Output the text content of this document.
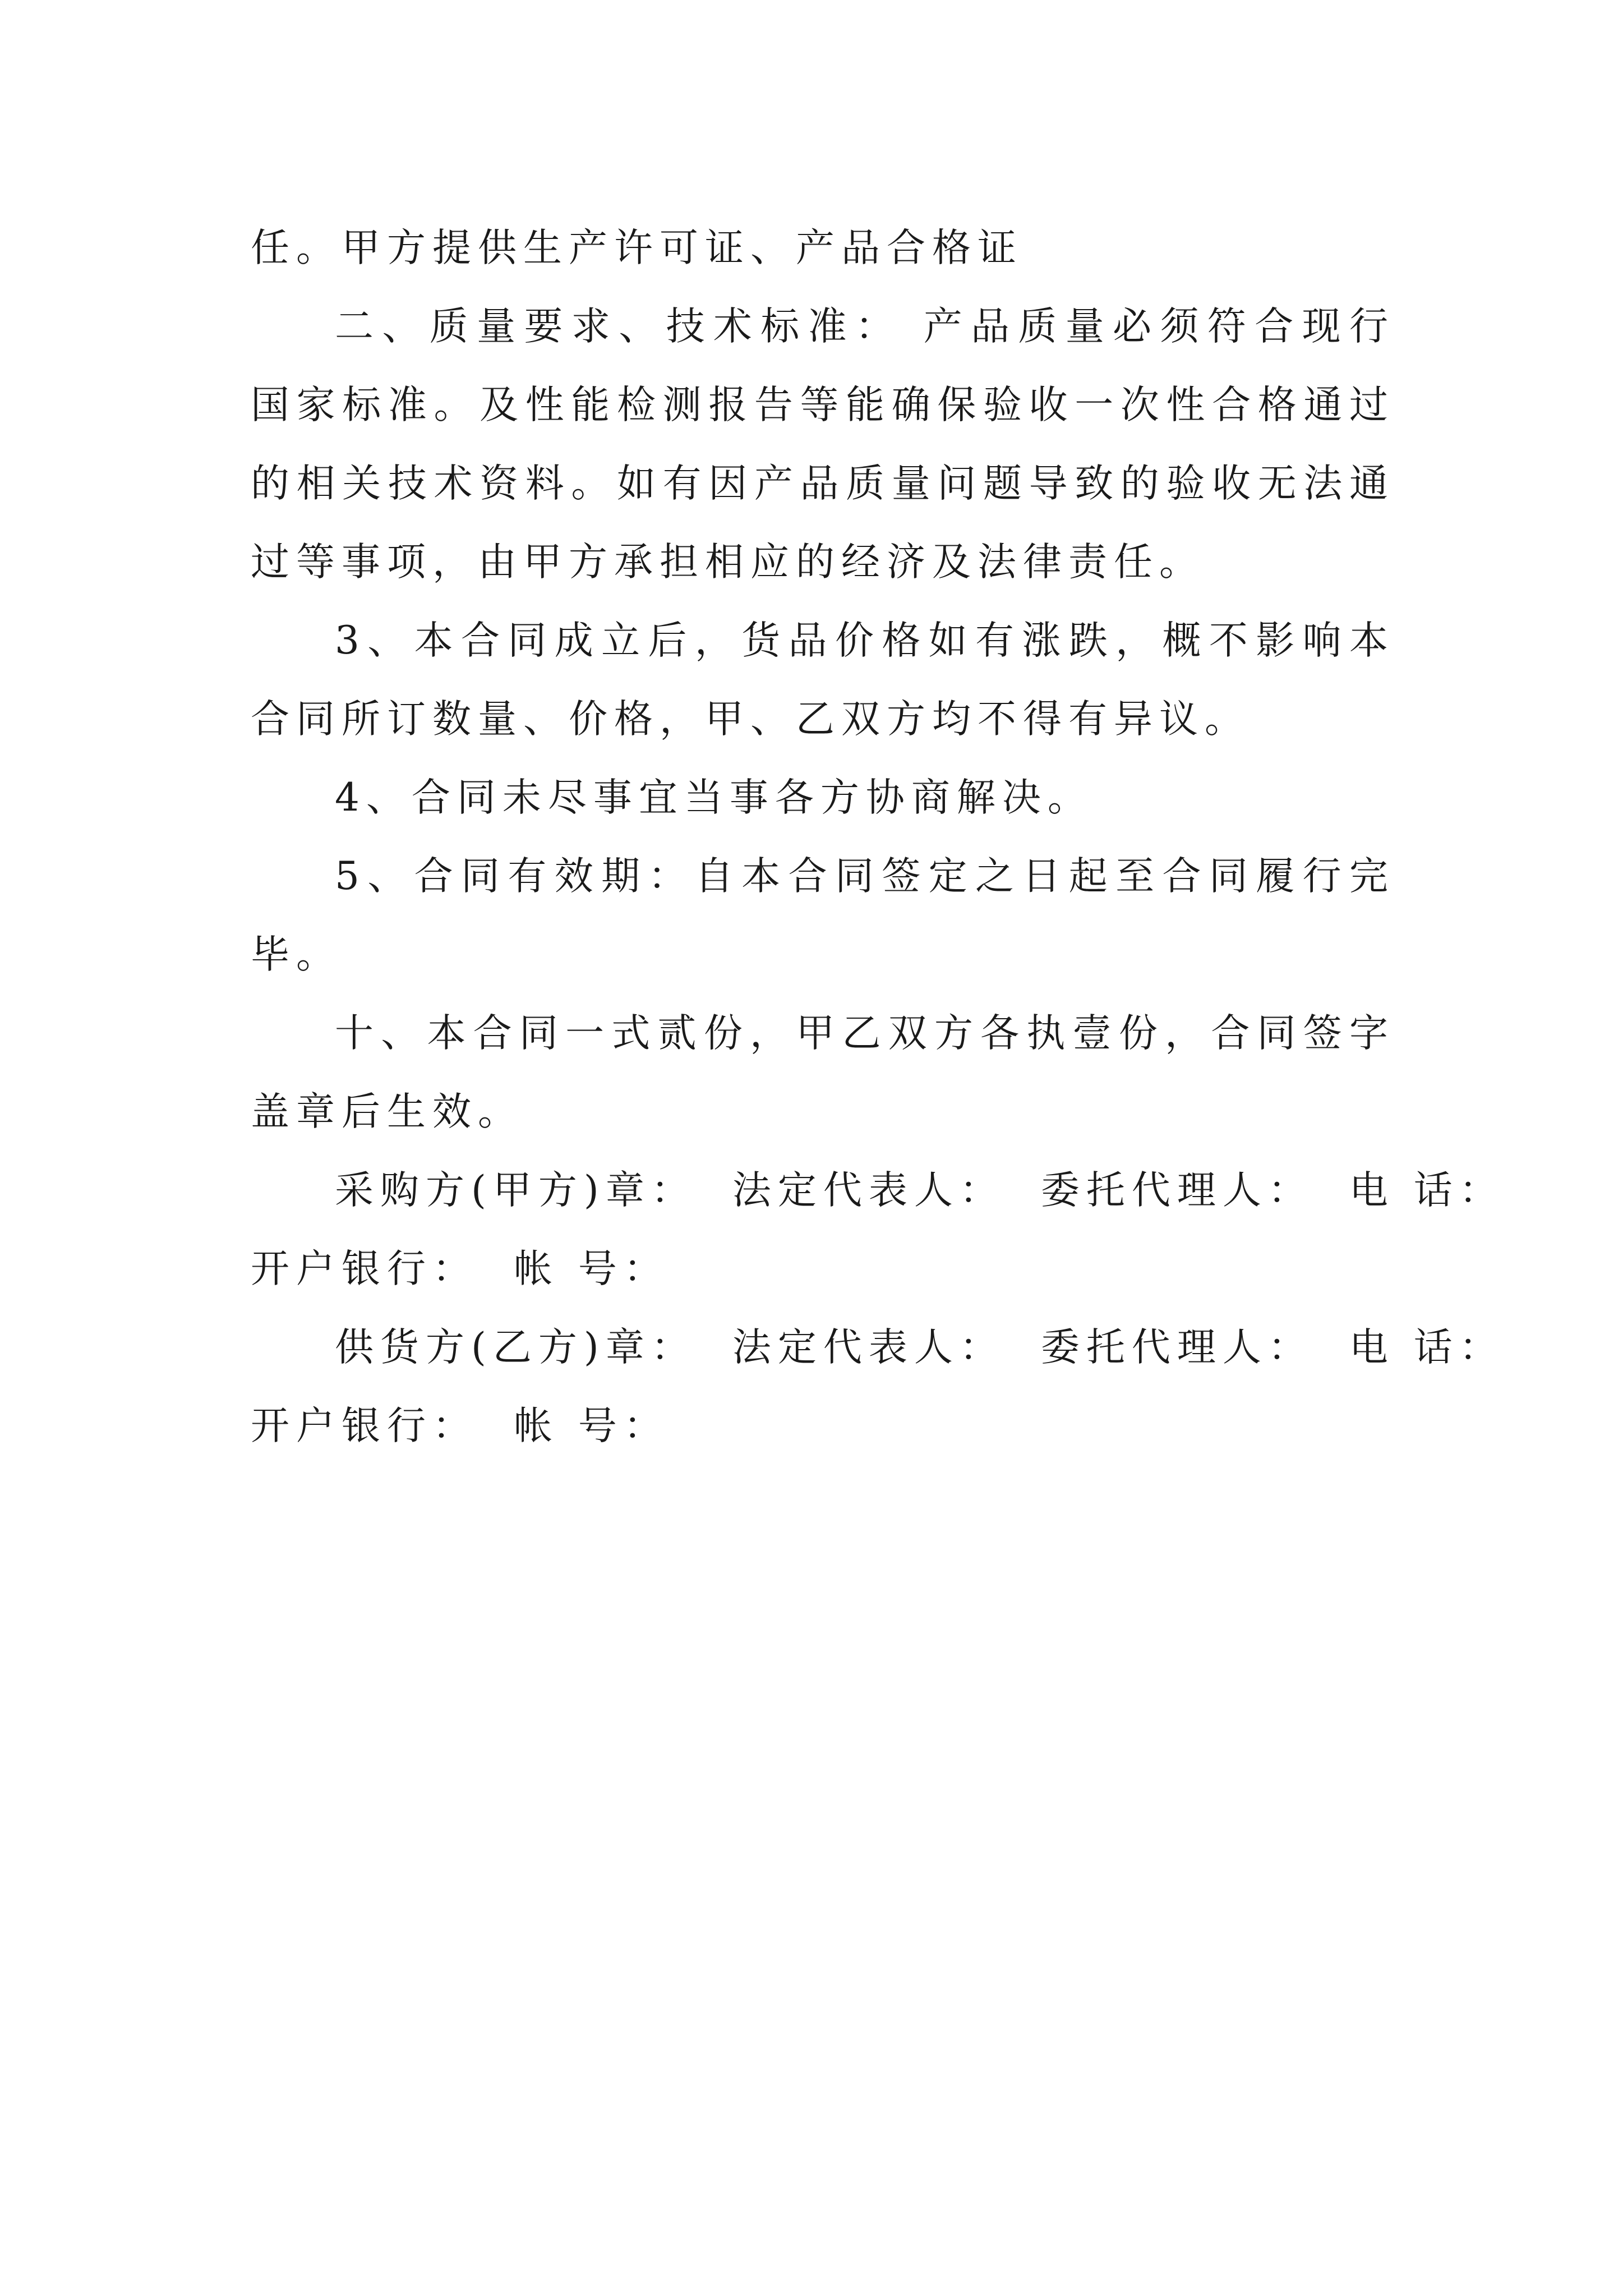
任。甲方提供生产许可证、产品合格证

二、质量要求、技术标准： 产品质量必须符合现行国家标准。及性能检测报告等能确保验收一次性合格通过的相关技术资料。如有因产品质量问题导致的验收无法通过等事项，由甲方承担相应的经济及法律责任。

3、本合同成立后，货品价格如有涨跌，概不影响本合同所订数量、价格，甲、乙双方均不得有异议。

4、合同未尽事宜当事各方协商解决。

5、合同有效期：自本合同签定之日起至合同履行完毕。

十、本合同一式贰份，甲乙双方各执壹份，合同签字盖章后生效。

采购方(甲方)章： 法定代表人： 委托代理人： 电 话：

开户银行： 帐 号：

供货方(乙方)章： 法定代表人： 委托代理人： 电 话：

开户银行： 帐 号：
